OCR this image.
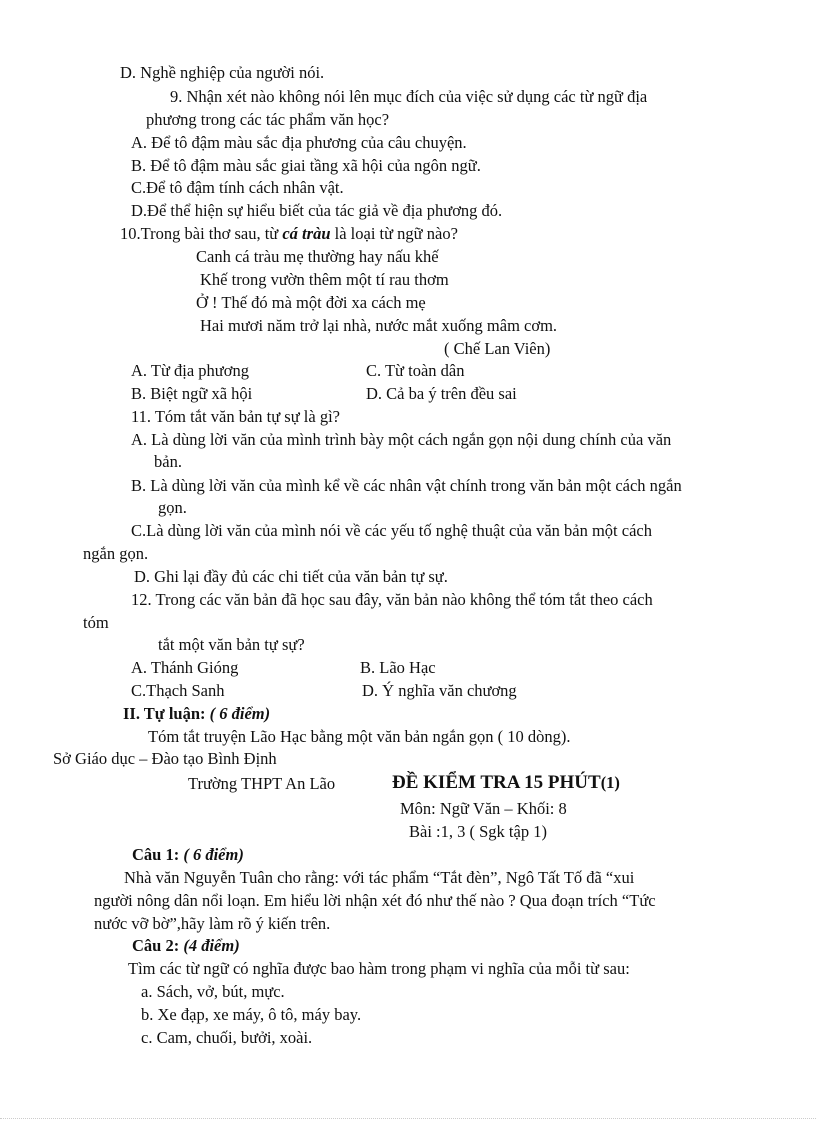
D. Nghề nghiệp của người nói.
9. Nhận xét nào không nói lên mục đích của việc sử dụng các từ ngữ địa
phương trong các tác phẩm văn học?
A. Để tô đậm màu sắc địa phương của câu chuyện.
B. Để tô đậm màu sắc giai tầng xã hội của ngôn ngữ.
C.Để tô đậm tính cách nhân vật.
D.Để thể hiện sự hiểu biết của tác giả về địa phương đó.
10.Trong bài thơ sau, từ cá tràu là loại từ ngữ nào?
Canh cá tràu mẹ thường hay nấu khế
Khế trong vườn thêm một tí rau thơm
Ở ! Thế đó mà một đời xa cách mẹ
Hai mươi năm trở lại nhà, nước mắt xuống mâm cơm.
( Chế Lan Viên)
A. Từ địa phương	C. Từ toàn dân
B. Biệt ngữ xã hội	D. Cả ba ý trên đều sai
11. Tóm tắt văn bản tự sự là gì?
A. Là dùng lời văn của mình trình bày một cách ngắn gọn nội dung chính của văn
bản.
B. Là dùng lời văn của mình kể về các nhân vật chính trong văn bản một cách ngắn
gọn.
C.Là dùng lời văn của mình nói về các yếu tố nghệ thuật của văn bản một cách
ngắn gọn.
D. Ghi lại đầy đủ các chi tiết của văn bản tự sự.
12. Trong các văn bản đã học sau đây, văn bản nào không thể tóm tắt theo cách
tóm
tắt một văn bản tự sự?
A. Thánh Gióng	B. Lão Hạc
C.Thạch Sanh	D. Ý nghĩa văn chương
II. Tự luận: ( 6 điểm)
Tóm tắt truyện Lão Hạc bằng một văn bản ngắn gọn ( 10 dòng).
Sở Giáo dục – Đào tạo Bình Định
Trường THPT An Lão	ĐỀ KIỂM TRA 15 PHÚT(1)
Môn: Ngữ Văn – Khối: 8
Bài :1, 3 ( Sgk tập 1)
Câu 1: ( 6 điểm)
Nhà văn Nguyễn Tuân cho rằng: với tác phẩm “Tắt đèn”, Ngô Tất Tố đã “xui
người nông dân nổi loạn. Em hiểu lời nhận xét đó như thế nào ? Qua đoạn trích “Tức
nước vỡ bờ”,hãy làm rõ ý kiến trên.
Câu 2: (4 điểm)
Tìm các từ ngữ có nghĩa được bao hàm trong phạm vi nghĩa của mỗi từ sau:
a. Sách, vở, bút, mực.
b. Xe đạp, xe máy, ô tô, máy bay.
c. Cam, chuối, bưởi, xoài.
